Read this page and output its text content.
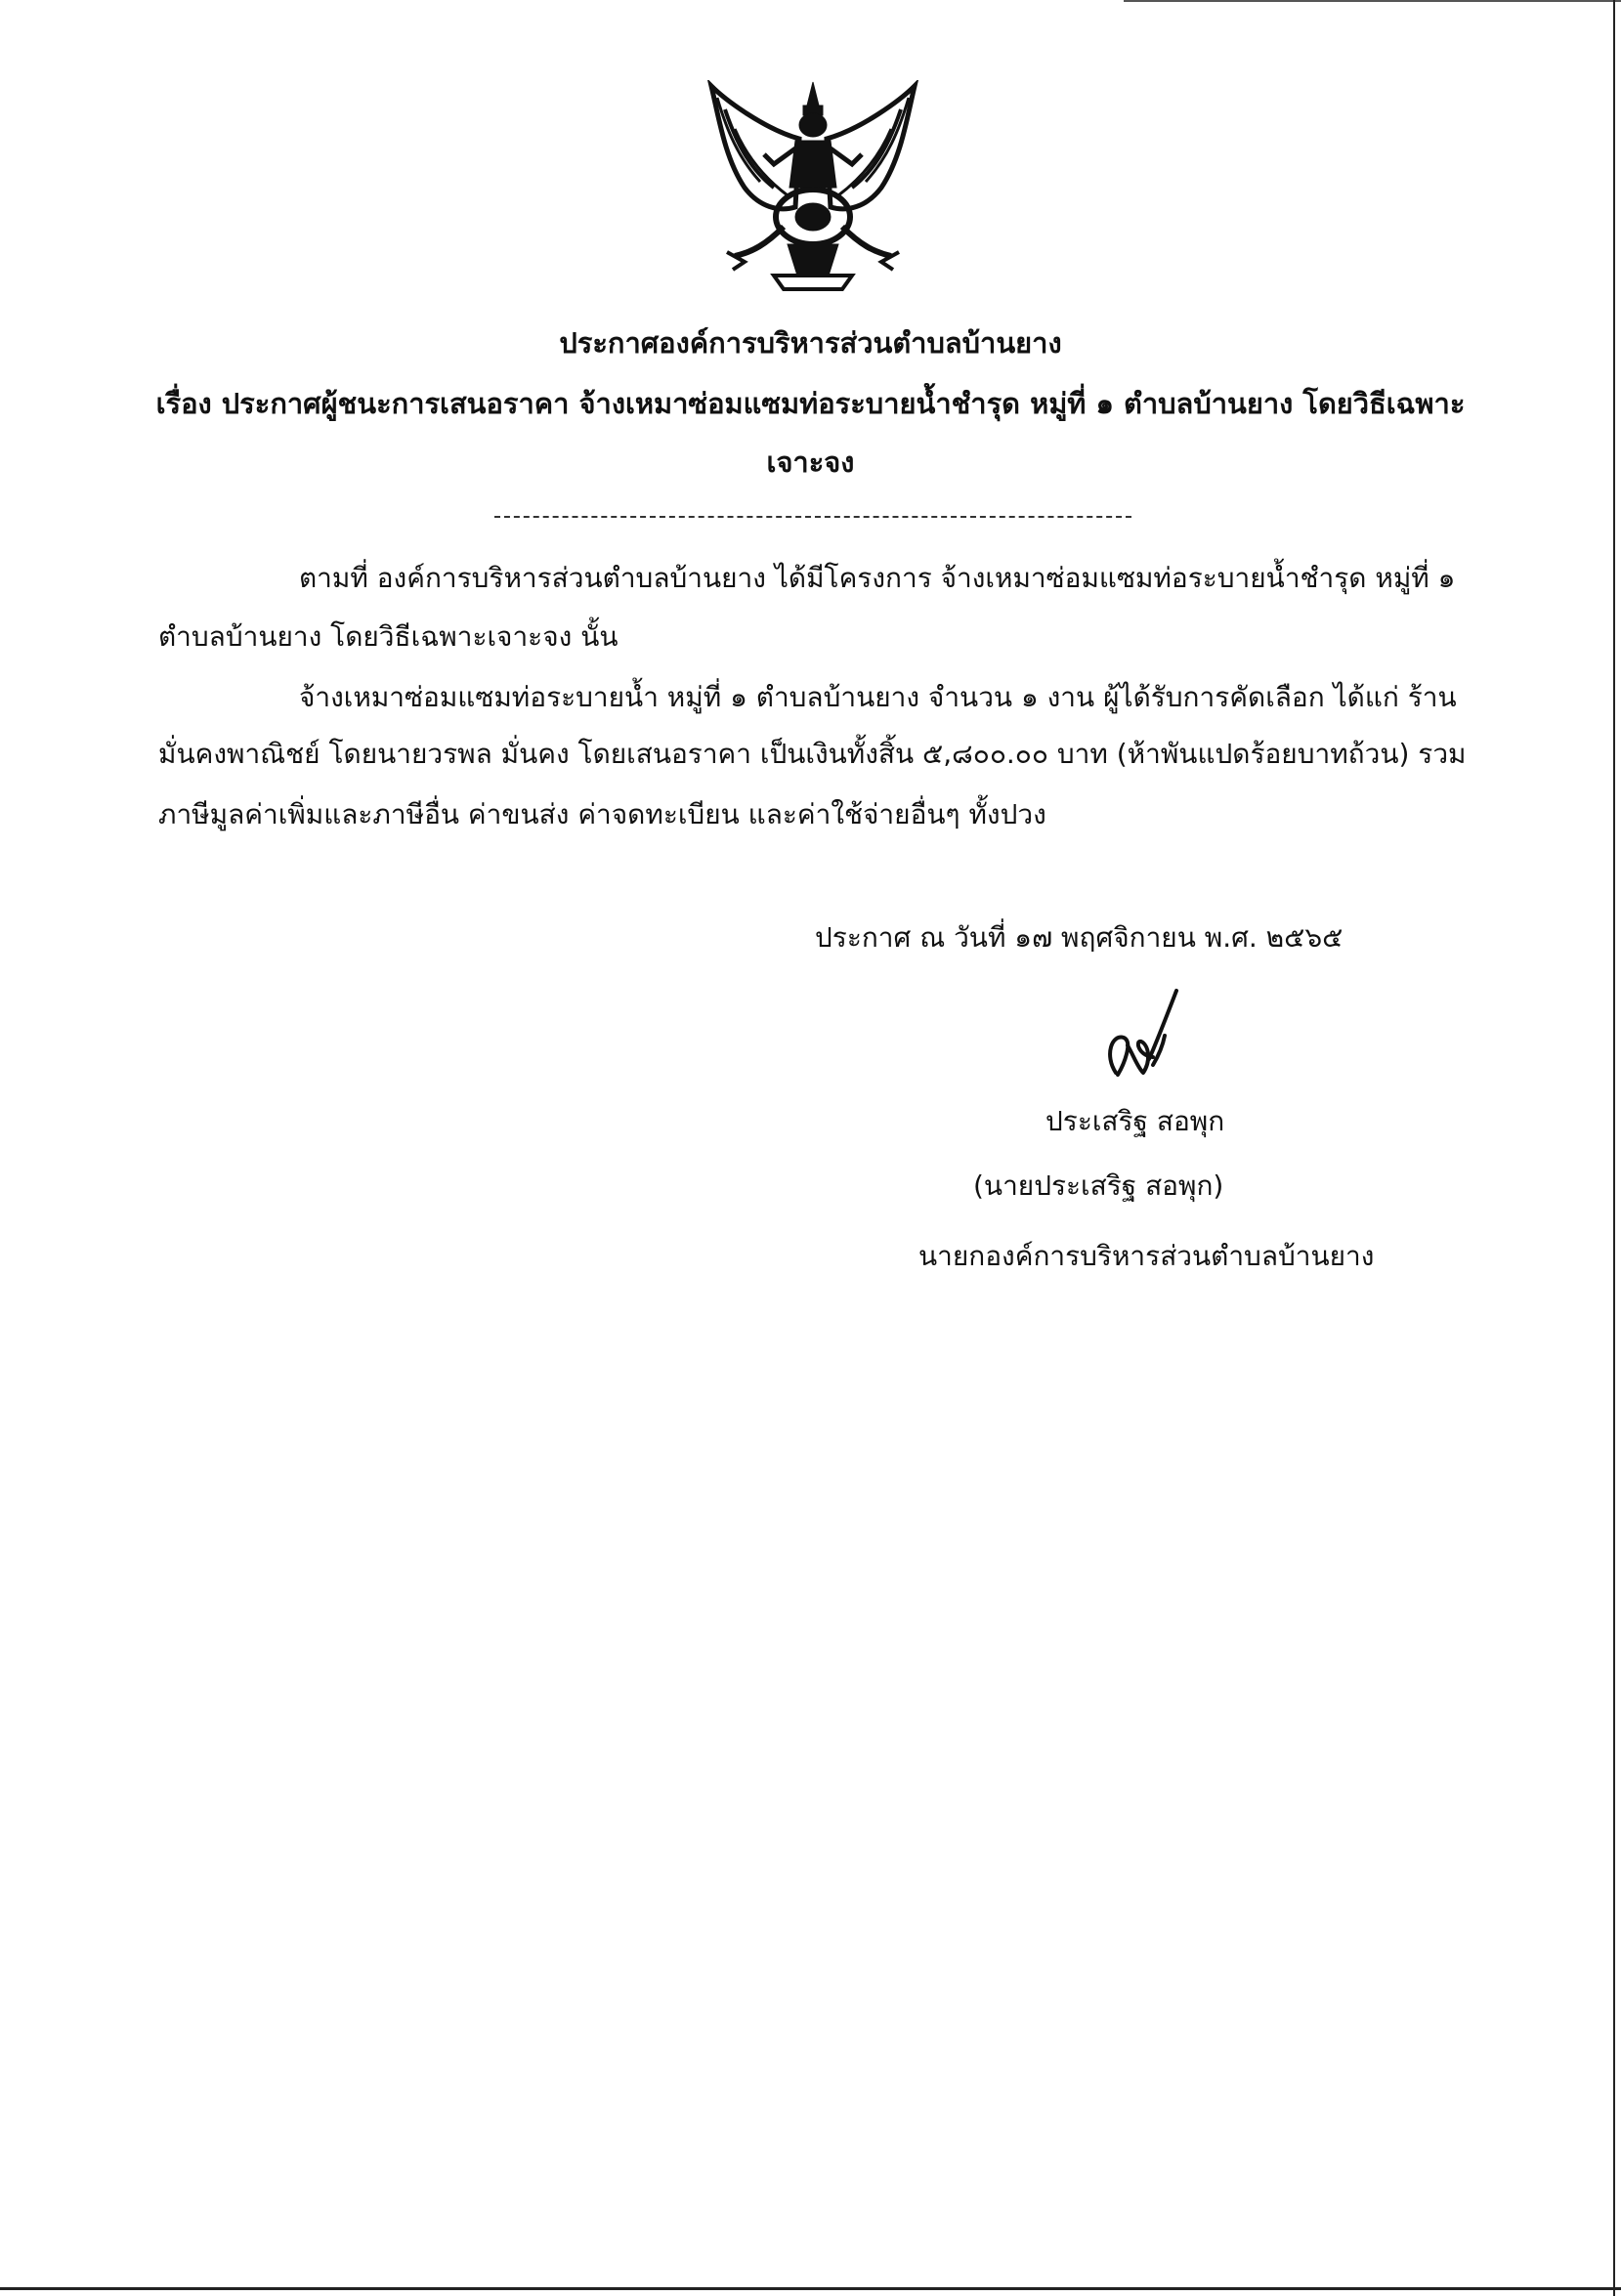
ประกาศองค์การบริหารส่วนตำบลบ้านยาง
เรื่อง ประกาศผู้ชนะการเสนอราคา จ้างเหมาซ่อมแซมท่อระบายน้ำชำรุด หมู่ที่ ๑ ตำบลบ้านยาง โดยวิธีเฉพาะ
เจาะจง
ตามที่ องค์การบริหารส่วนตำบลบ้านยาง ได้มีโครงการ จ้างเหมาซ่อมแซมท่อระบายน้ำชำรุด หมู่ที่ ๑
ตำบลบ้านยาง โดยวิธีเฉพาะเจาะจง นั้น
จ้างเหมาซ่อมแซมท่อระบายน้ำ หมู่ที่ ๑ ตำบลบ้านยาง จำนวน ๑ งาน ผู้ได้รับการคัดเลือก ได้แก่ ร้าน
มั่นคงพาณิชย์ โดยนายวรพล มั่นคง โดยเสนอราคา เป็นเงินทั้งสิ้น ๕,๘๐๐.๐๐ บาท (ห้าพันแปดร้อยบาทถ้วน) รวม
ภาษีมูลค่าเพิ่มและภาษีอื่น ค่าขนส่ง ค่าจดทะเบียน และค่าใช้จ่ายอื่นๆ ทั้งปวง
ประกาศ ณ วันที่ ๑๗ พฤศจิกายน พ.ศ. ๒๕๖๕
ประเสริฐ สอพุก
(นายประเสริฐ สอพุก)
นายกองค์การบริหารส่วนตำบลบ้านยาง
